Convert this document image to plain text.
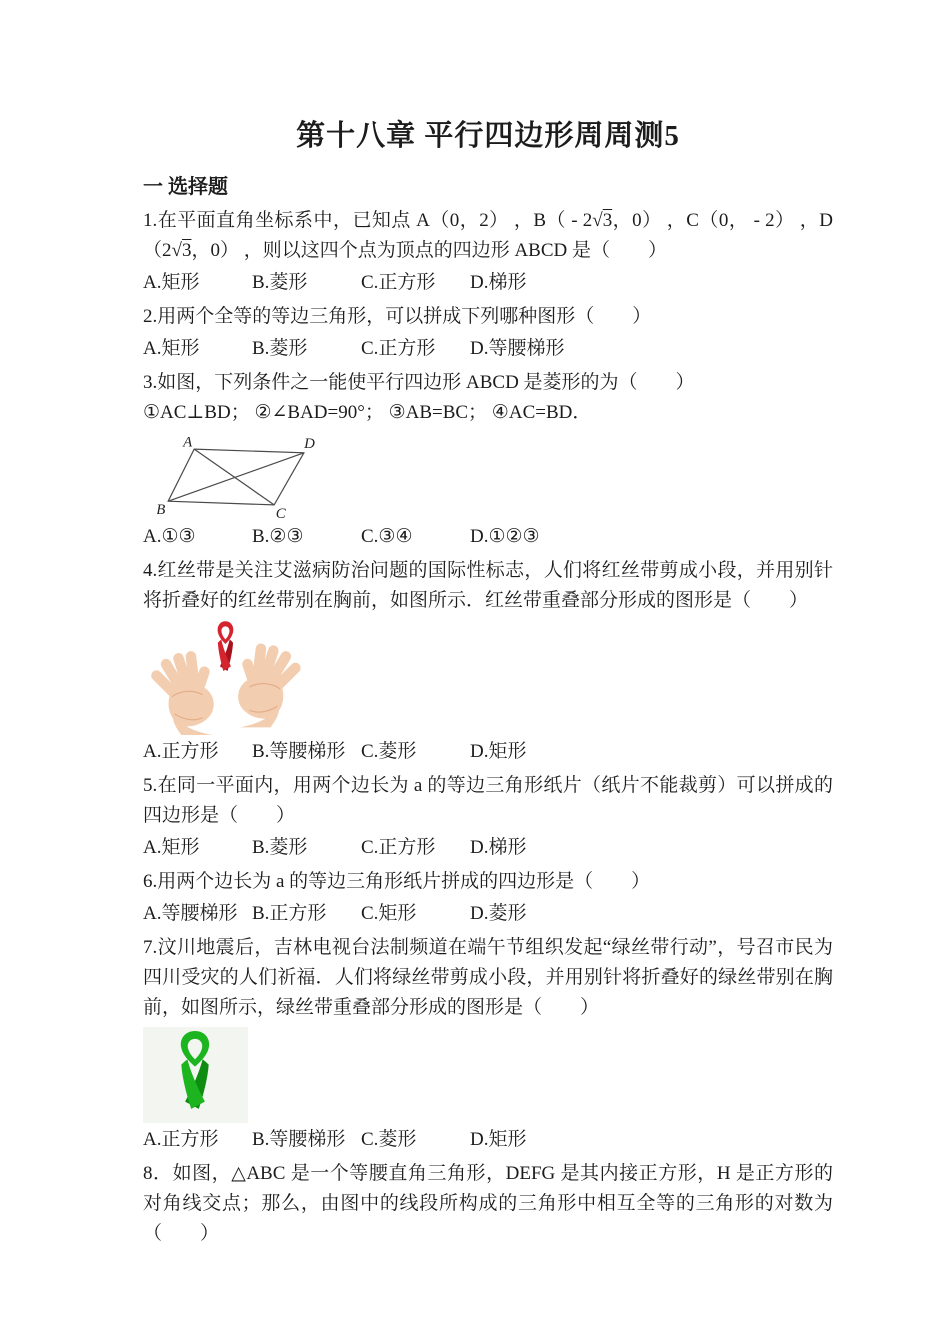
第十八章 平行四边形周周测5
一 选择题

1.在平面直角坐标系中，已知点 A（0，2） ，B（ - 2√3，0） ，C（0， - 2） ，D（2√3，0） ，则以这四个点为顶点的四边形 ABCD 是（　　）

A.矩形	B.菱形	C.正方形 D.梯形

2.用两个全等的等边三角形，可以拼成下列哪种图形（　　）

A.矩形	B.菱形	C.正方形 D.等腰梯形

3.如图，下列条件之一能使平行四边形 ABCD 是菱形的为（　　）

①AC⊥BD； ②∠BAD=90°； ③AB=BC； ④AC=BD．

A	D
B	C
A.①③	B.②③	C.③④	D.①②③

4.红丝带是关注艾滋病防治问题的国际性标志，人们将红丝带剪成小段，并用别针将折叠好的红丝带别在胸前，如图所示．红丝带重叠部分形成的图形是（　　）

A.正方形 B.等腰梯形 C.菱形	D.矩形

5.在同一平面内，用两个边长为 a 的等边三角形纸片（纸片不能裁剪）可以拼成的四边形是（　　）

A.矩形	B.菱形	C.正方形 D.梯形

6.用两个边长为 a 的等边三角形纸片拼成的四边形是（　　）

A.等腰梯形 B.正方形 C.矩形	D.菱形

7.汶川地震后，吉林电视台法制频道在端午节组织发起“绿丝带行动”，号召市民为四川受灾的人们祈福．人们将绿丝带剪成小段，并用别针将折叠好的绿丝带别在胸前，如图所示，绿丝带重叠部分形成的图形是（　　）

A.正方形 B.等腰梯形 C.菱形	D.矩形

8．如图，△ABC 是一个等腰直角三角形，DEFG 是其内接正方形，H 是正方形的对角线交点；那么，由图中的线段所构成的三角形中相互全等的三角形的对数为（　　）
